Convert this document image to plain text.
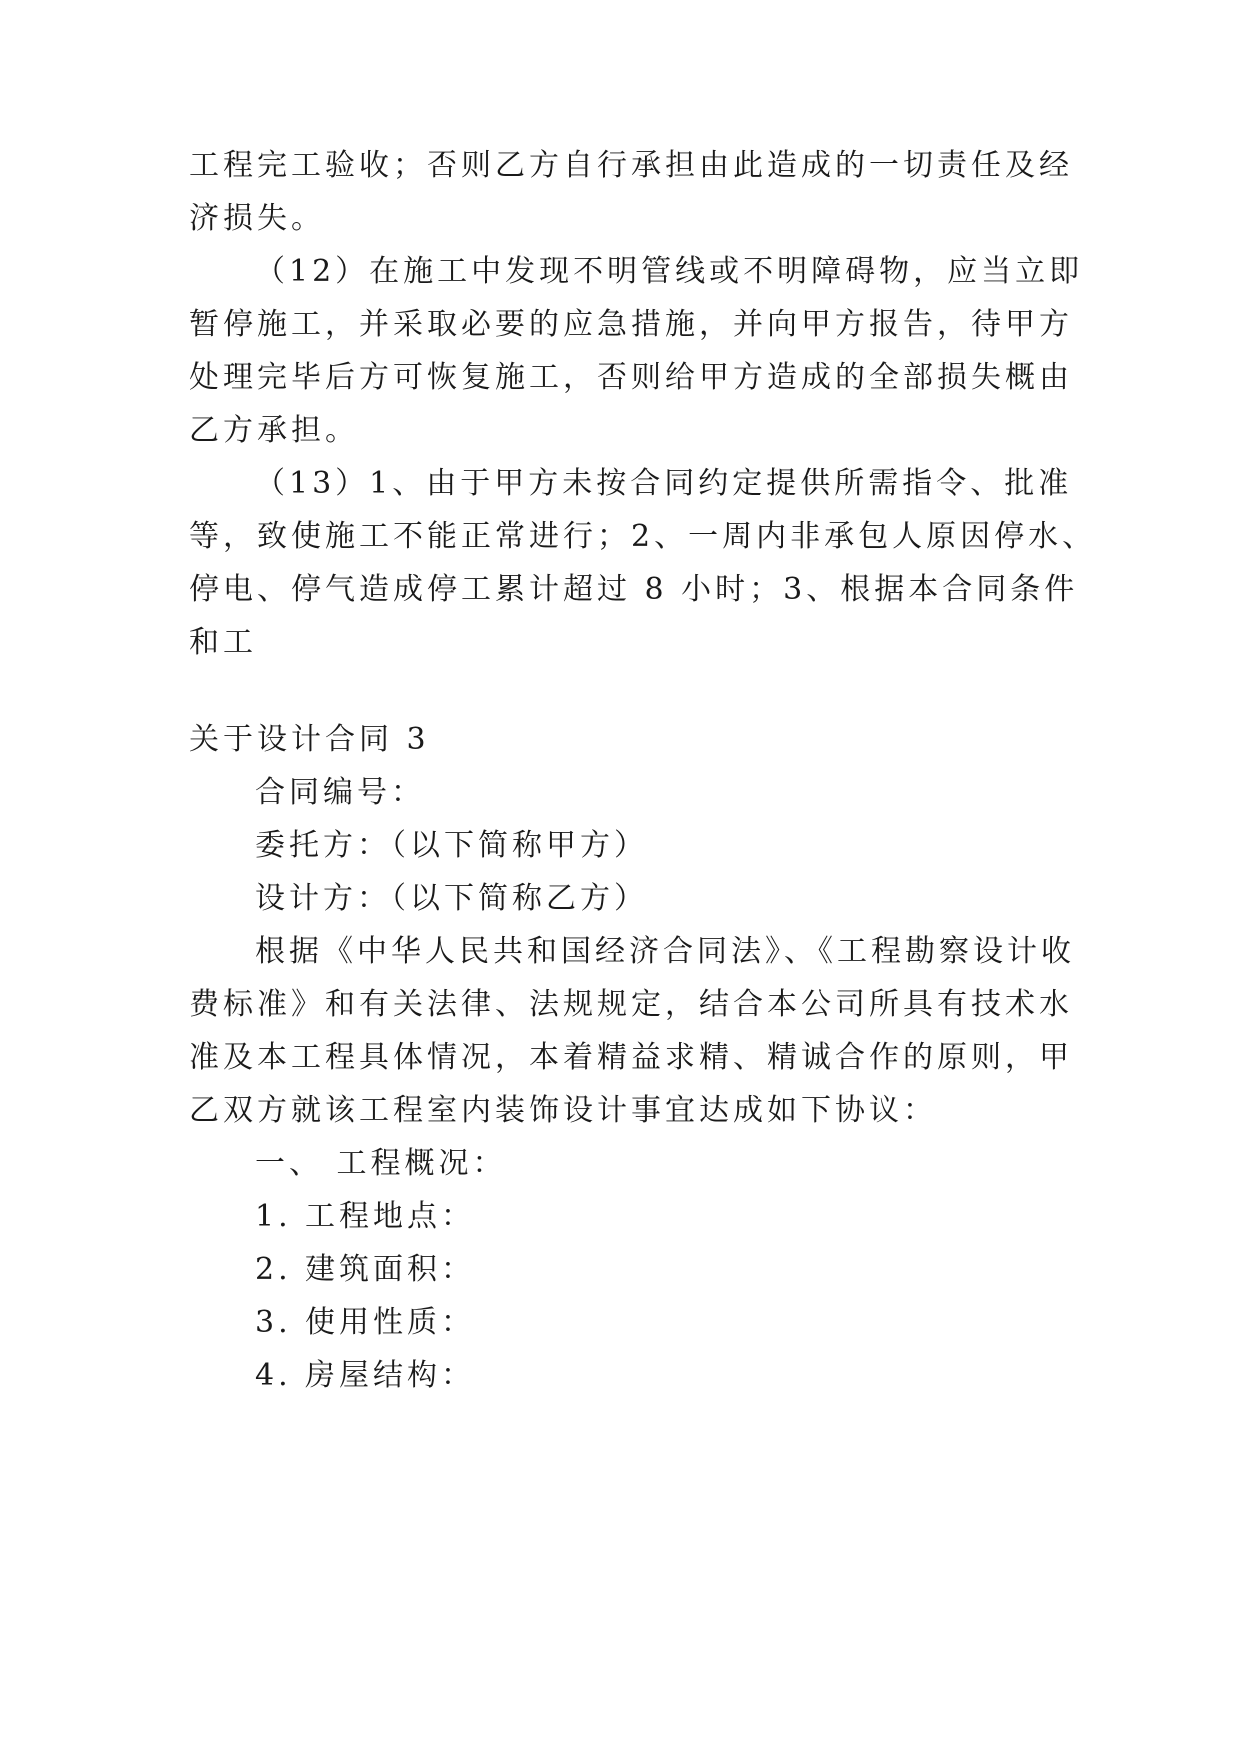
工程完工验收；否则乙方自行承担由此造成的一切责任及经
济损失。
（12）在施工中发现不明管线或不明障碍物，应当立即
暂停施工，并采取必要的应急措施，并向甲方报告，待甲方
处理完毕后方可恢复施工，否则给甲方造成的全部损失概由
乙方承担。
（13）1、由于甲方未按合同约定提供所需指令、批准
等，致使施工不能正常进行；2、一周内非承包人原因停水、
停电、停气造成停工累计超过 8 小时；3、根据本合同条件
和工
关于设计合同 3
合同编号：
委托方：（以下简称甲方）
设计方：（以下简称乙方）
根据《中华人民共和国经济合同法》、《工程勘察设计收
费标准》和有关法律、法规规定，结合本公司所具有技术水
准及本工程具体情况，本着精益求精、精诚合作的原则，甲
乙双方就该工程室内装饰设计事宜达成如下协议：
一、 工程概况：
1. 工程地点：
2. 建筑面积：
3. 使用性质：
4. 房屋结构：
